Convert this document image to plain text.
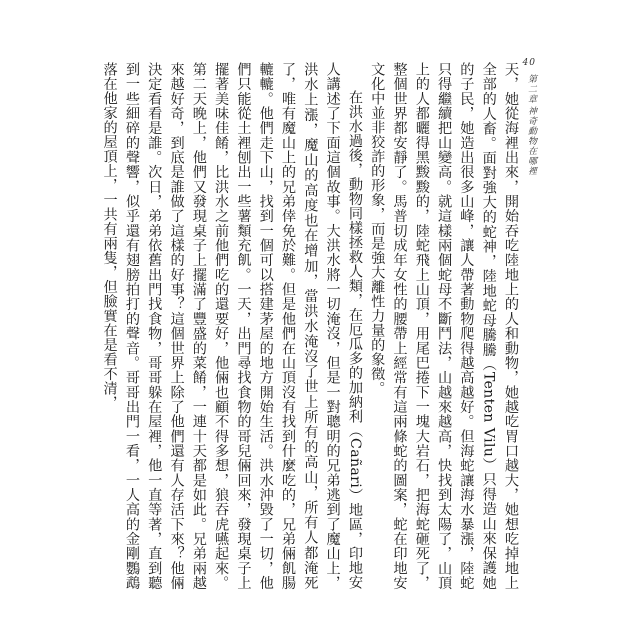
40
第二章
神奇動物在哪裡

天，她從海裡出來，開始吞吃陸地上的人和動物，她越吃胃口越大，她想吃掉地上全部的人畜。面對強大的蛇神，陸地蛇母騰騰（Tenten Vilu）只得造山來保護她的子民，她造出很多山峰，讓人帶著動物爬得越高越好。但海蛇讓海水暴漲，陸蛇只得繼續把山變高。就這樣兩個蛇母不斷鬥法，山越來越高，快找到太陽了，山頂上的人都曬得黑黢黢的，陸蛇飛上山頂，用尾巴捲下一塊大岩石，把海蛇砸死了，整個世界都安靜了。馬普切成年女性的腰帶上經常有這兩條蛇的圖案，蛇在印地安文化中並非狡詐的形象，而是強大離性力量的象徵。

在洪水過後，動物同樣拯救人類，在厄瓜多的加納利（Cañari）地區，印地安人講述了下面這個故事。大洪水將一切淹沒，但是一對聰明的兄弟逃到了魔山上，洪水上漲，魔山的高度也在增加，當洪水淹沒了世上所有的高山，所有人都淹死了，唯有魔山上的兄弟倖免於難。但是他們在山頂沒有找到什麼吃的，兄弟倆飢腸轆轆。他們走下山，找到一個可以搭建茅屋的地方開始生活。洪水沖毀了一切，他們只能從土裡刨出一些薯類充飢。一天，出門尋找食物的哥兒倆回來，發現桌子上擺著美味佳餚，比洪水之前他們吃的還要好，他倆也顧不得多想，狼吞虎嚥起來。第二天晚上，他們又發現桌子上擺滿了豐盛的菜餚，一連十天都是如此。兄弟兩越來越好奇，到底是誰做了這樣的好事？這個世界上除了他們還有人存活下來？他倆決定看看是誰。次日，弟弟依舊出門找食物，哥哥躲在屋裡，他一直等著，直到聽到一些細碎的聲響，似乎還有翅膀拍打的聲音。哥哥出門一看，一人高的金剛鸚鵡落在他家的屋頂上，一共有兩隻，但臉實在是看不清，
